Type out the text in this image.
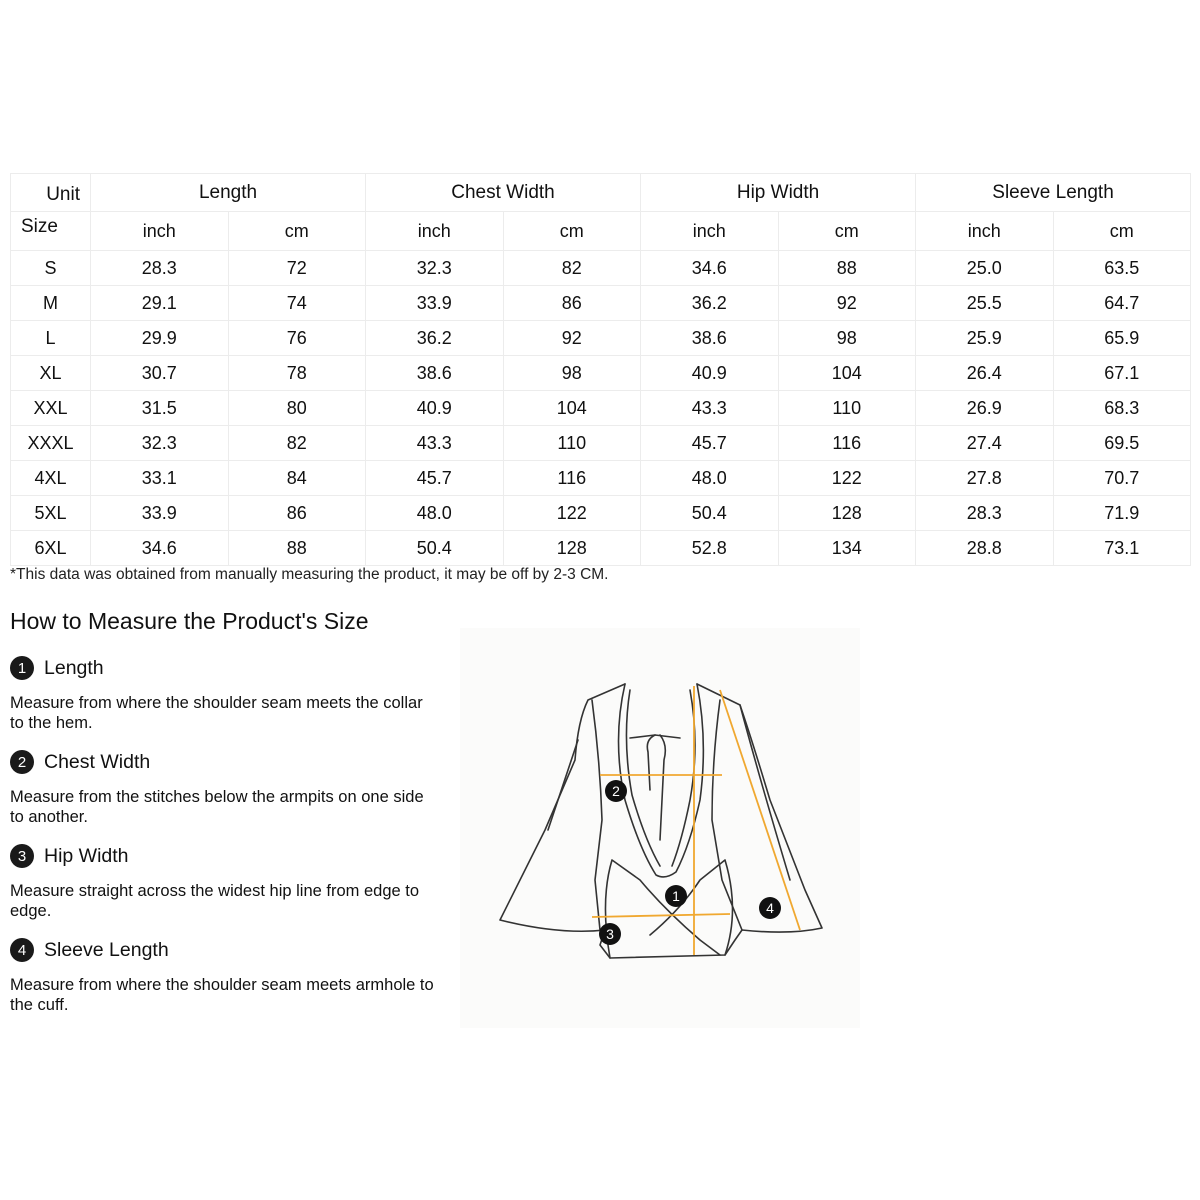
Unit	Length		Chest Width		Hip Width		Sleeve Length	
Size	inch	cm	inch	cm	inch	cm	inch	cm
S	28.3	72	32.3	82	34.6	88	25.0	63.5
M	29.1	74	33.9	86	36.2	92	25.5	64.7
L	29.9	76	36.2	92	38.6	98	25.9	65.9
XL	30.7	78	38.6	98	40.9	104	26.4	67.1
XXL	31.5	80	40.9	104	43.3	110	26.9	68.3
XXXL	32.3	82	43.3	110	45.7	116	27.4	69.5
4XL	33.1	84	45.7	116	48.0	122	27.8	70.7
5XL	33.9	86	48.0	122	50.4	128	28.3	71.9
6XL	34.6	88	50.4	128	52.8	134	28.8	73.1
*This data was obtained from manually measuring the product, it may be off by 2-3 CM.
How to Measure the Product's Size
1 Length
Measure from where the shoulder seam meets the collar to the hem.
2 Chest Width
Measure from the stitches below the armpits on one side to another.
3 Hip Width
Measure straight across the widest hip line from edge to edge.
4 Sleeve Length
Measure from where the shoulder seam meets armhole to the cuff.
1
2
3
4
